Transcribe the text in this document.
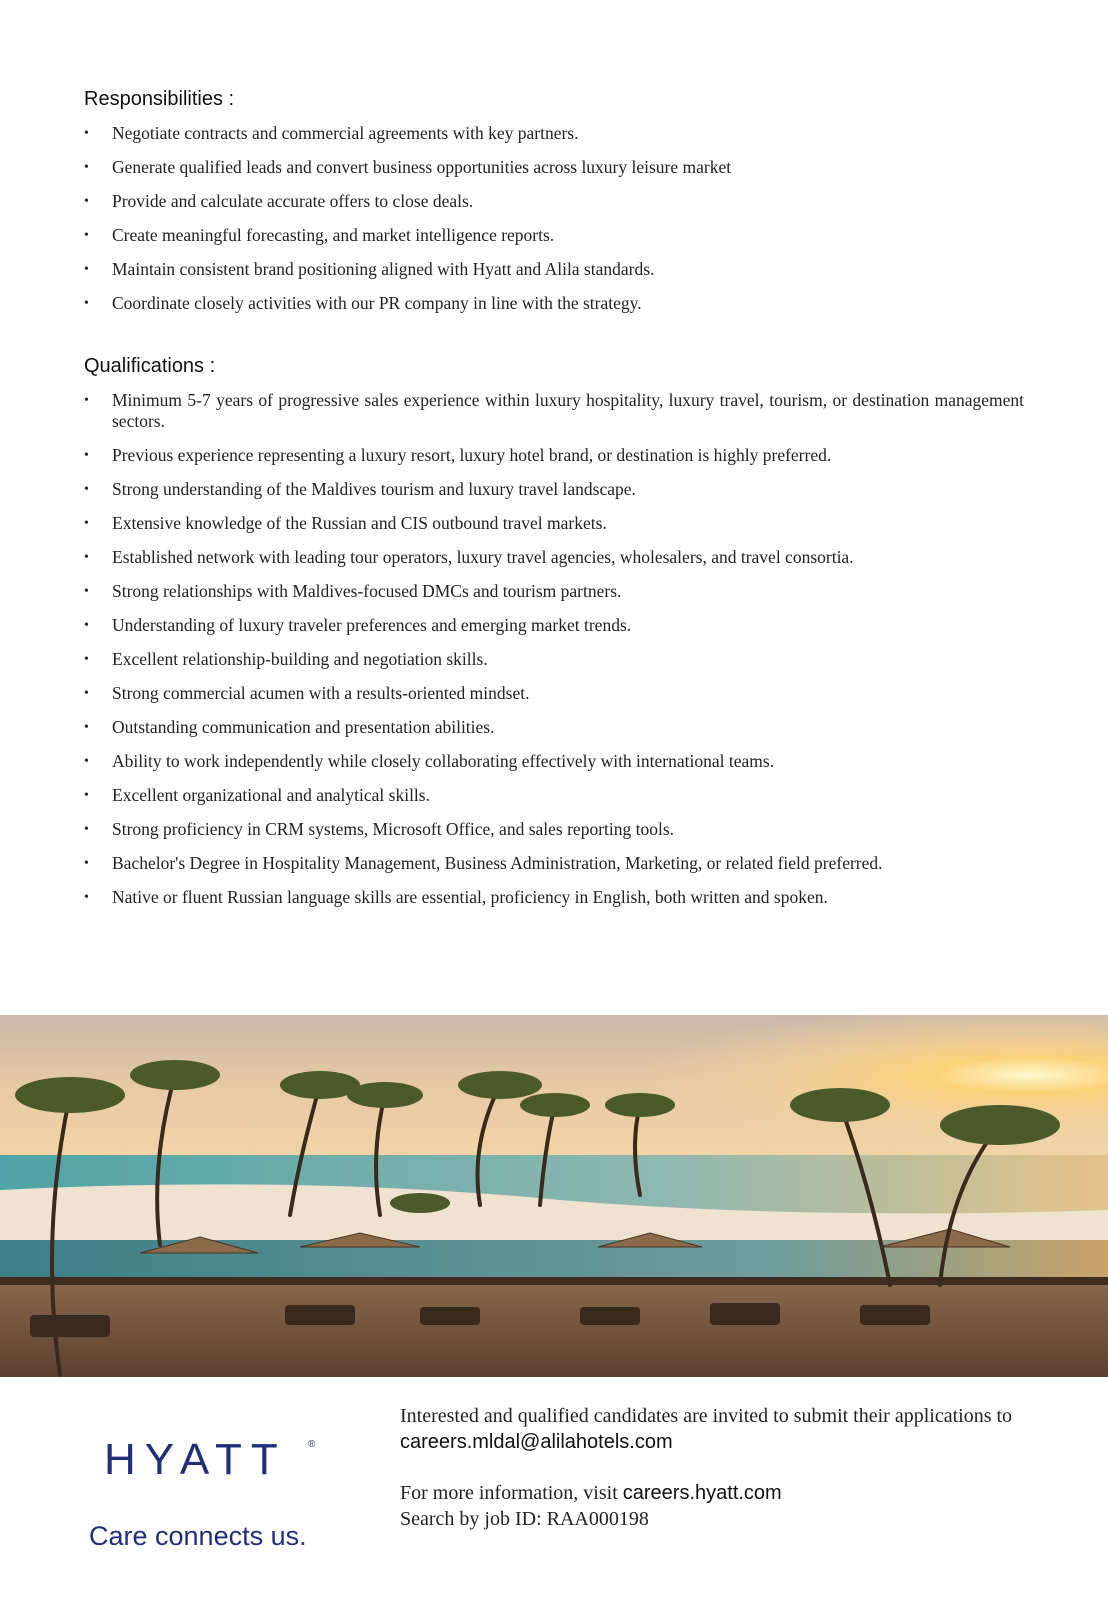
Responsibilities :
•	Negotiate contracts and commercial agreements with key partners.
•	Generate qualified leads and convert business opportunities across luxury leisure market
•	Provide and calculate accurate offers to close deals.
•	Create meaningful forecasting, and market intelligence reports.
•	Maintain consistent brand positioning aligned with Hyatt and Alila standards.
•	Coordinate closely activities with our PR company in line with the strategy.
Qualifications :
•	Minimum 5-7 years of progressive sales experience within luxury hospitality, luxury travel, tourism, or destination management sectors.
•	Previous experience representing a luxury resort, luxury hotel brand, or destination is highly preferred.
•	Strong understanding of the Maldives tourism and luxury travel landscape.
•	Extensive knowledge of the Russian and CIS outbound travel markets.
•	Established network with leading tour operators, luxury travel agencies, wholesalers, and travel consortia.
•	Strong relationships with Maldives-focused DMCs and tourism partners.
•	Understanding of luxury traveler preferences and emerging market trends.
•	Excellent relationship-building and negotiation skills.
•	Strong commercial acumen with a results-oriented mindset.
•	Outstanding communication and presentation abilities.
•	Ability to work independently while closely collaborating effectively with international teams.
•	Excellent organizational and analytical skills.
•	Strong proficiency in CRM systems, Microsoft Office, and sales reporting tools.
•	Bachelor's Degree in Hospitality Management, Business Administration, Marketing, or related field preferred.
•	Native or fluent Russian language skills are essential, proficiency in English, both written and spoken.
HYATT ®
Care connects us.
Interested and qualified candidates are invited to submit their applications to careers.mldal@alilahotels.com
For more information, visit careers.hyatt.com
Search by job ID: RAA000198
